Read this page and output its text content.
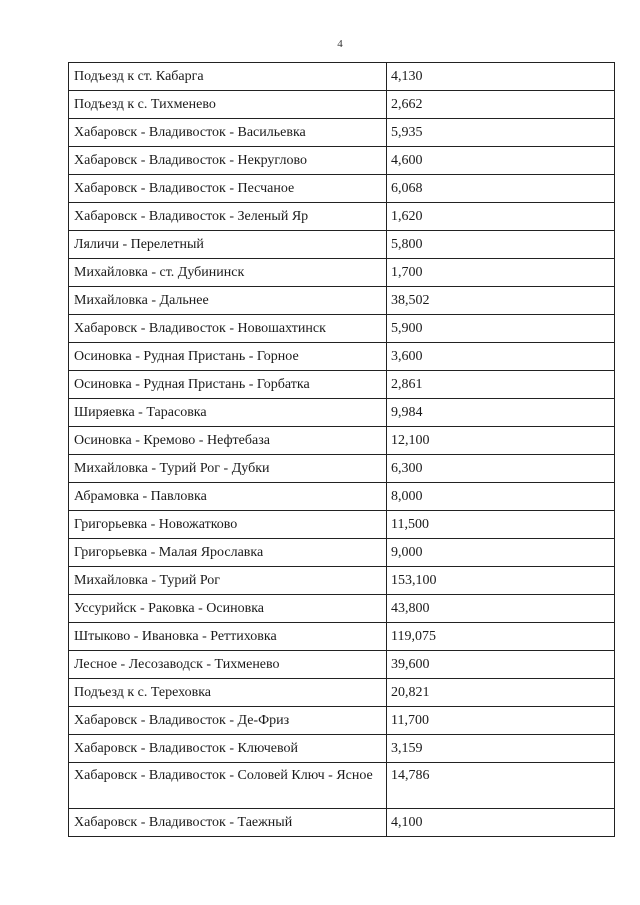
4
Подъезд к ст. Кабарга	4,130
Подъезд к с. Тихменево	2,662
Хабаровск - Владивосток - Васильевка	5,935
Хабаровск - Владивосток - Некруглово	4,600
Хабаровск - Владивосток - Песчаное	6,068
Хабаровск - Владивосток - Зеленый Яр	1,620
Ляличи - Перелетный	5,800
Михайловка - ст. Дубининск	1,700
Михайловка - Дальнее	38,502
Хабаровск - Владивосток - Новошахтинск	5,900
Осиновка - Рудная Пристань - Горное	3,600
Осиновка - Рудная Пристань - Горбатка	2,861
Ширяевка - Тарасовка	9,984
Осиновка - Кремово - Нефтебаза	12,100
Михайловка - Турий Рог - Дубки	6,300
Абрамовка - Павловка	8,000
Григорьевка - Новожатково	11,500
Григорьевка - Малая Ярославка	9,000
Михайловка - Турий Рог	153,100
Уссурийск - Раковка - Осиновка	43,800
Штыково - Ивановка - Реттиховка	119,075
Лесное - Лесозаводск - Тихменево	39,600
Подъезд к с. Тереховка	20,821
Хабаровск - Владивосток - Де-Фриз	11,700
Хабаровск - Владивосток - Ключевой	3,159
Хабаровск - Владивосток - Соловей Ключ - Ясное	14,786
Хабаровск - Владивосток - Таежный	4,100
